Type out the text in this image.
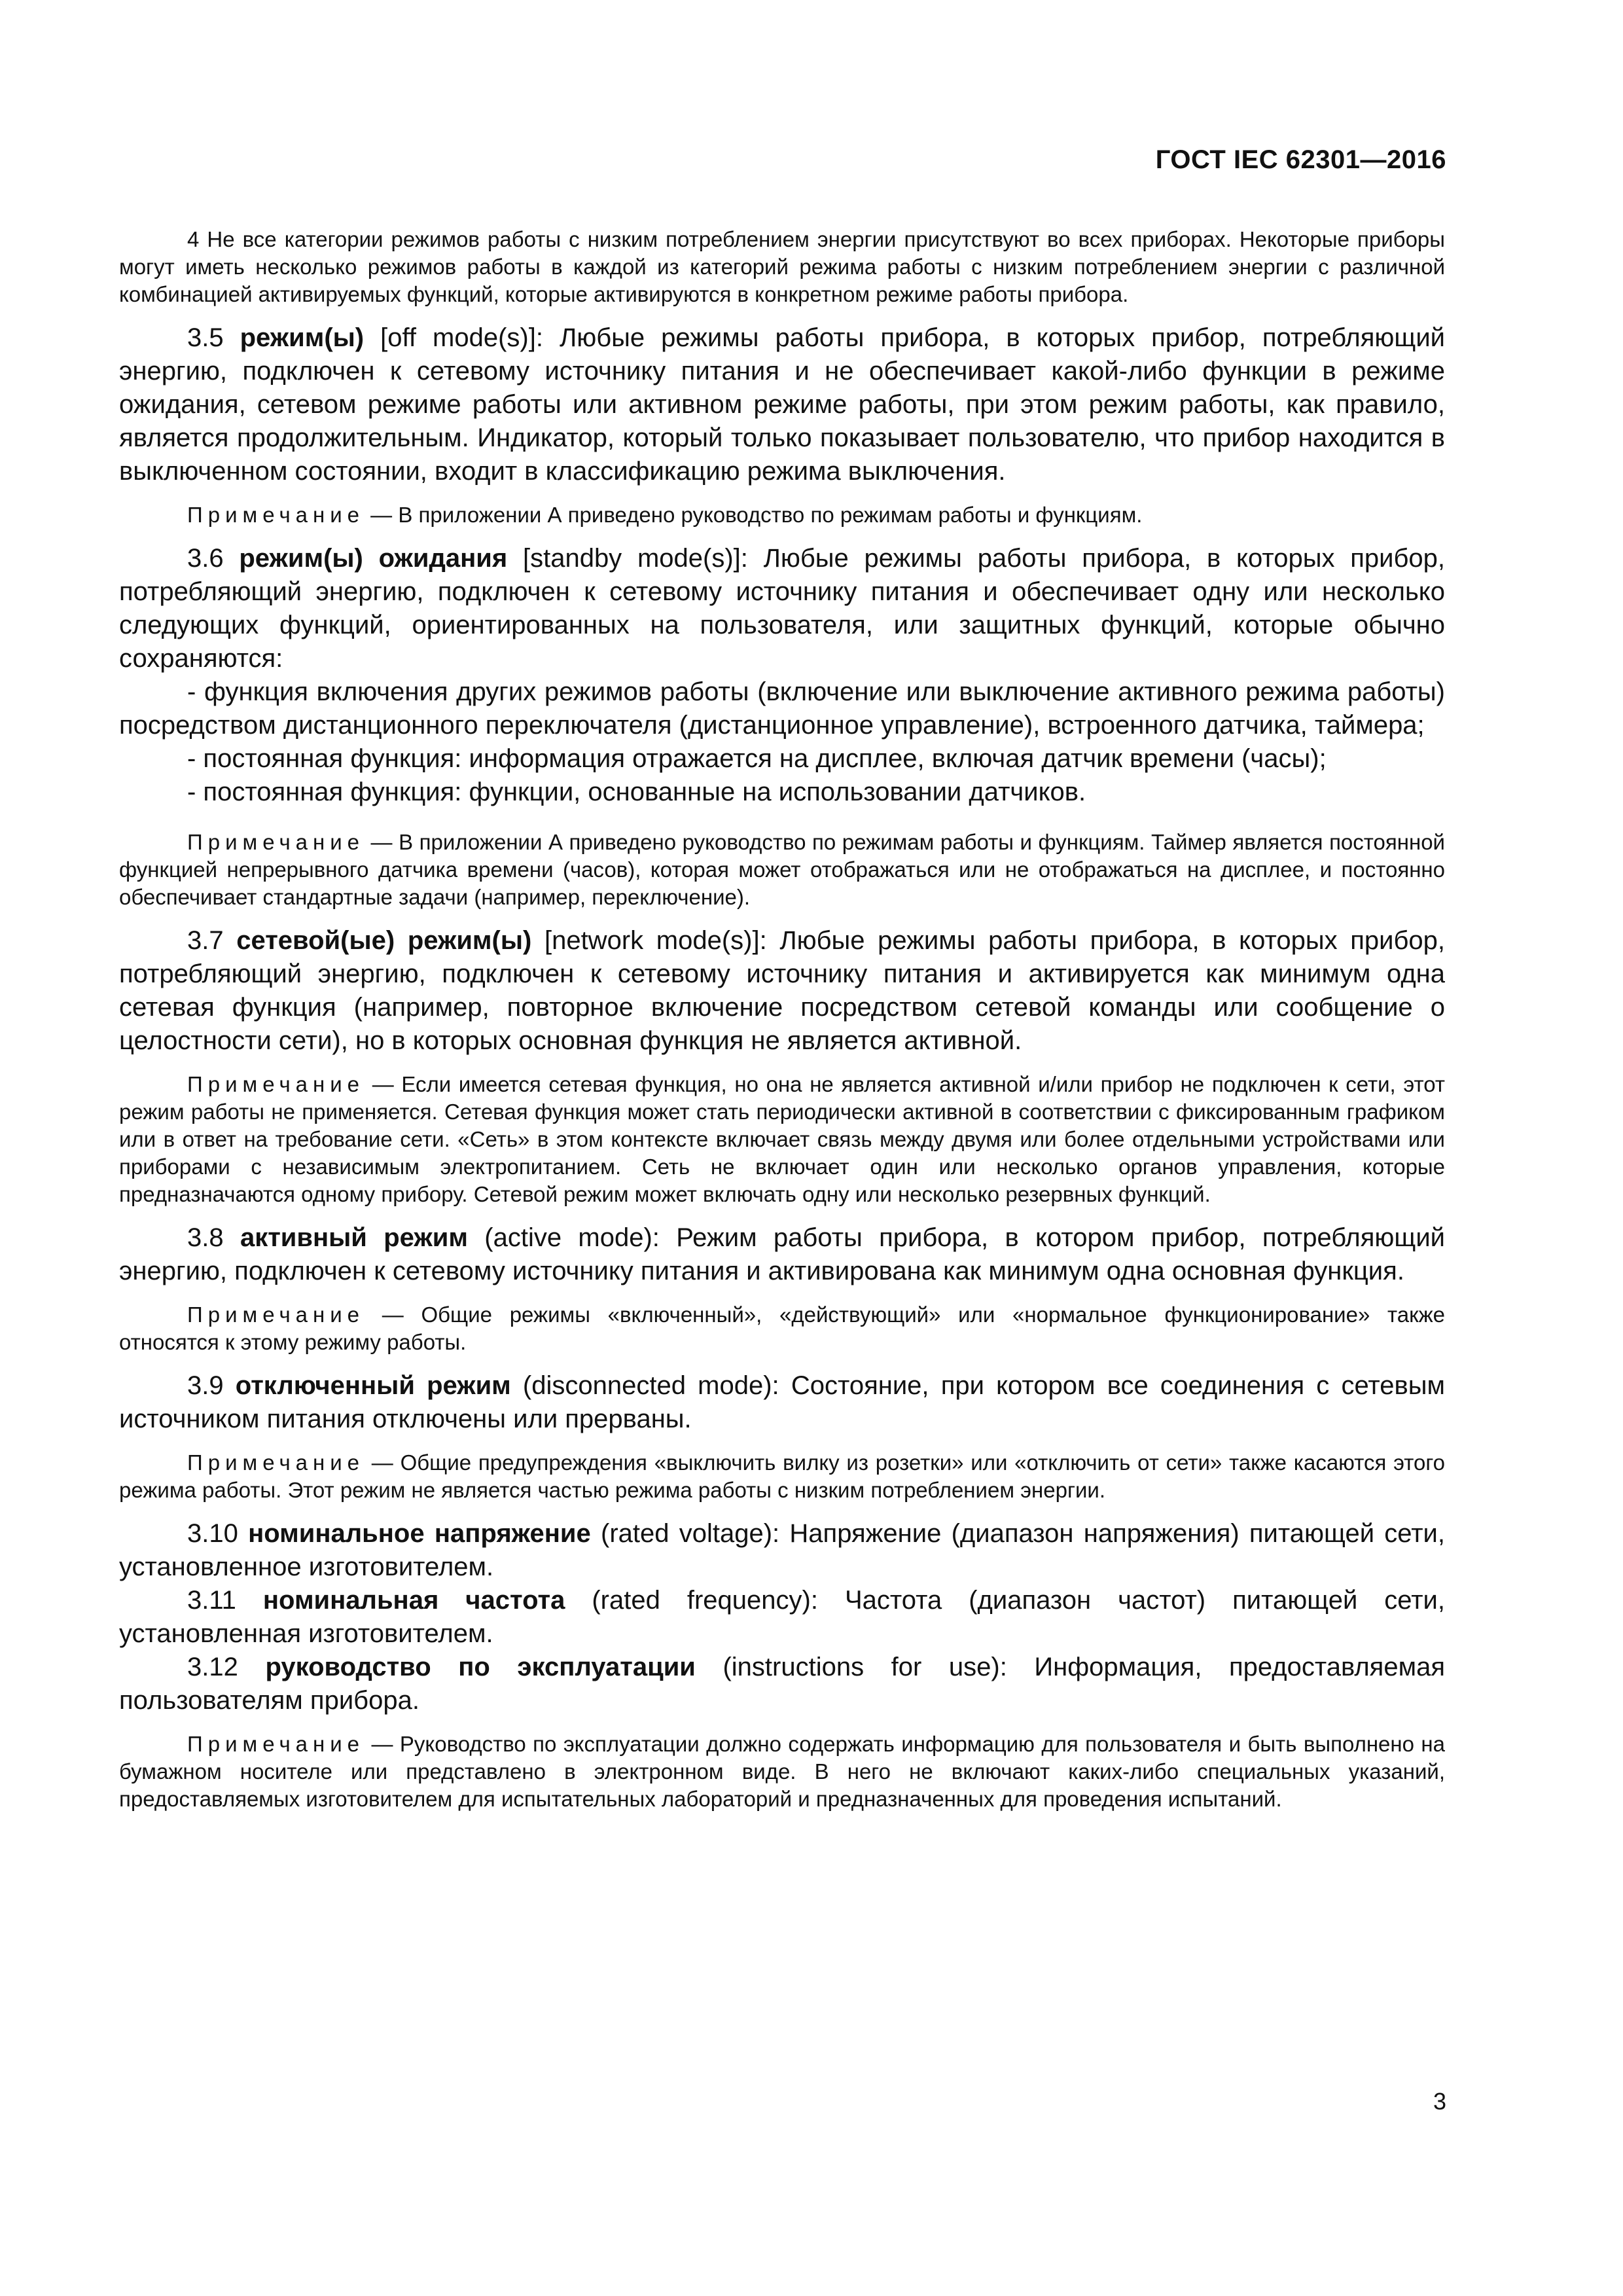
ГОСТ IEC 62301—2016

4 Не все категории режимов работы с низким потреблением энергии присутствуют во всех приборах. Некоторые приборы могут иметь несколько режимов работы в каждой из категорий режима работы с низким потреблением энергии с различной комбинацией активируемых функций, которые активируются в конкретном режиме работы прибора.

3.5 режим(ы) [off mode(s)]: Любые режимы работы прибора, в которых прибор, потребляющий энергию, подключен к сетевому источнику питания и не обеспечивает какой-либо функции в режиме ожидания, сетевом режиме работы или активном режиме работы, при этом режим работы, как правило, является продолжительным. Индикатор, который только показывает пользователю, что прибор находится в выключенном состоянии, входит в классификацию режима выключения.

Примечание — В приложении А приведено руководство по режимам работы и функциям.

3.6 режим(ы) ожидания [standby mode(s)]: Любые режимы работы прибора, в которых прибор, потребляющий энергию, подключен к сетевому источнику питания и обеспечивает одну или несколько следующих функций, ориентированных на пользователя, или защитных функций, которые обычно сохраняются:

- функция включения других режимов работы (включение или выключение активного режима работы) посредством дистанционного переключателя (дистанционное управление), встроенного датчика, таймера;

- постоянная функция: информация отражается на дисплее, включая датчик времени (часы);

- постоянная функция: функции, основанные на использовании датчиков.

Примечание — В приложении А приведено руководство по режимам работы и функциям. Таймер является постоянной функцией непрерывного датчика времени (часов), которая может отображаться или не отображаться на дисплее, и постоянно обеспечивает стандартные задачи (например, переключение).

3.7 сетевой(ые) режим(ы) [network mode(s)]: Любые режимы работы прибора, в которых прибор, потребляющий энергию, подключен к сетевому источнику питания и активируется как минимум одна сетевая функция (например, повторное включение посредством сетевой команды или сообщение о целостности сети), но в которых основная функция не является активной.

Примечание — Если имеется сетевая функция, но она не является активной и/или прибор не подключен к сети, этот режим работы не применяется. Сетевая функция может стать периодически активной в соответствии с фиксированным графиком или в ответ на требование сети. «Сеть» в этом контексте включает связь между двумя или более отдельными устройствами или приборами с независимым электропитанием. Сеть не включает один или несколько органов управления, которые предназначаются одному прибору. Сетевой режим может включать одну или несколько резервных функций.

3.8 активный режим (active mode): Режим работы прибора, в котором прибор, потребляющий энергию, подключен к сетевому источнику питания и активирована как минимум одна основная функция.

Примечание — Общие режимы «включенный», «действующий» или «нормальное функционирование» также относятся к этому режиму работы.

3.9 отключенный режим (disconnected mode): Состояние, при котором все соединения с сетевым источником питания отключены или прерваны.

Примечание — Общие предупреждения «выключить вилку из розетки» или «отключить от сети» также касаются этого режима работы. Этот режим не является частью режима работы с низким потреблением энергии.

3.10 номинальное напряжение (rated voltage): Напряжение (диапазон напряжения) питающей сети, установленное изготовителем.

3.11 номинальная частота (rated frequency): Частота (диапазон частот) питающей сети, установленная изготовителем.

3.12 руководство по эксплуатации (instructions for use): Информация, предоставляемая пользователям прибора.

Примечание — Руководство по эксплуатации должно содержать информацию для пользователя и быть выполнено на бумажном носителе или представлено в электронном виде. В него не включают каких-либо специальных указаний, предоставляемых изготовителем для испытательных лабораторий и предназначенных для проведения испытаний.

3
